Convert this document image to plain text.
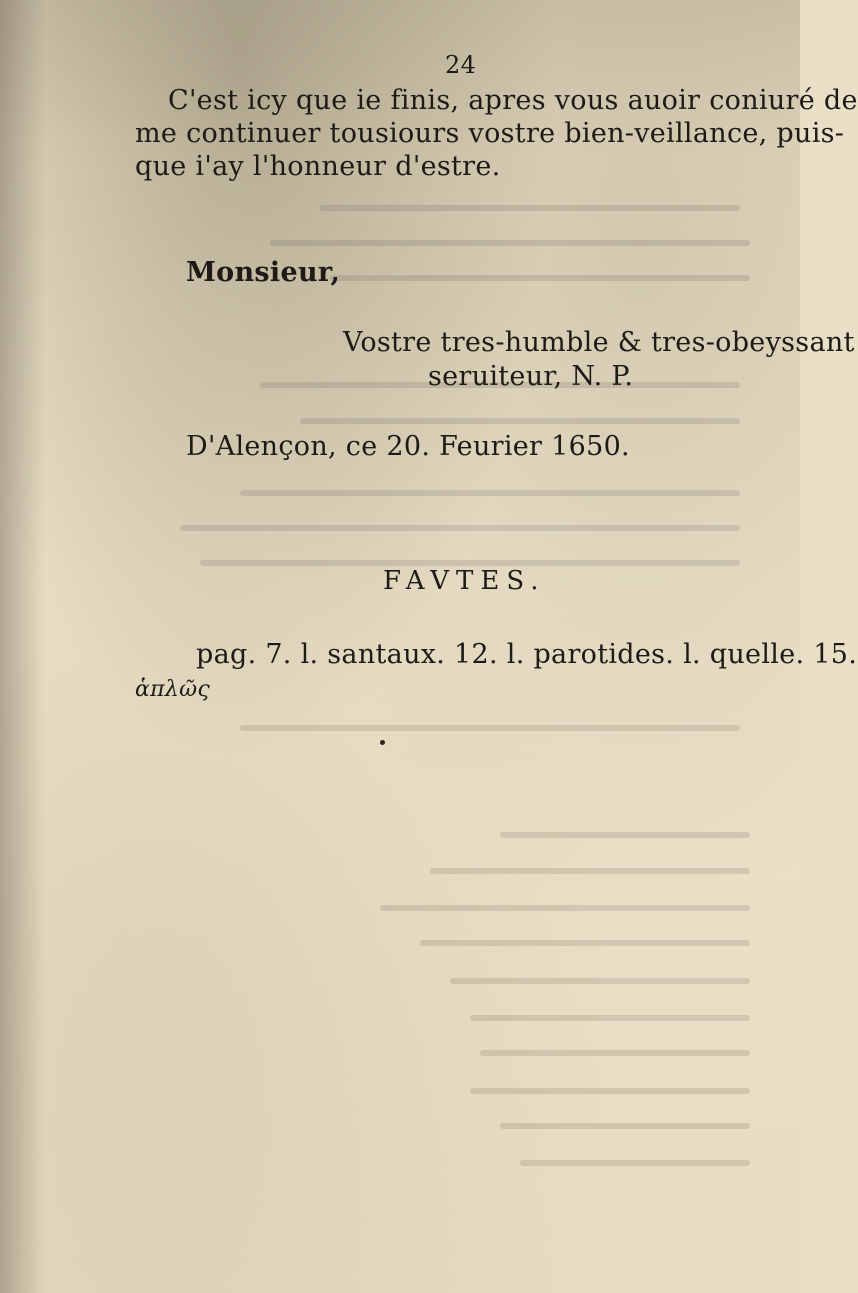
24
C'est icy que ie finis, apres vous auoir coniuré de
me continuer tousiours vostre bien-veillance, puis-
que i'ay l'honneur d'estre.
Monsieur,
Vostre tres-humble & tres-obeyssant
seruiteur, N. P.
D'Alençon, ce 20. Feurier 1650.
FAVTES.
pag. 7. l. santaux. 12. l. parotides. l. quelle. 15.
ἁπλῶς
